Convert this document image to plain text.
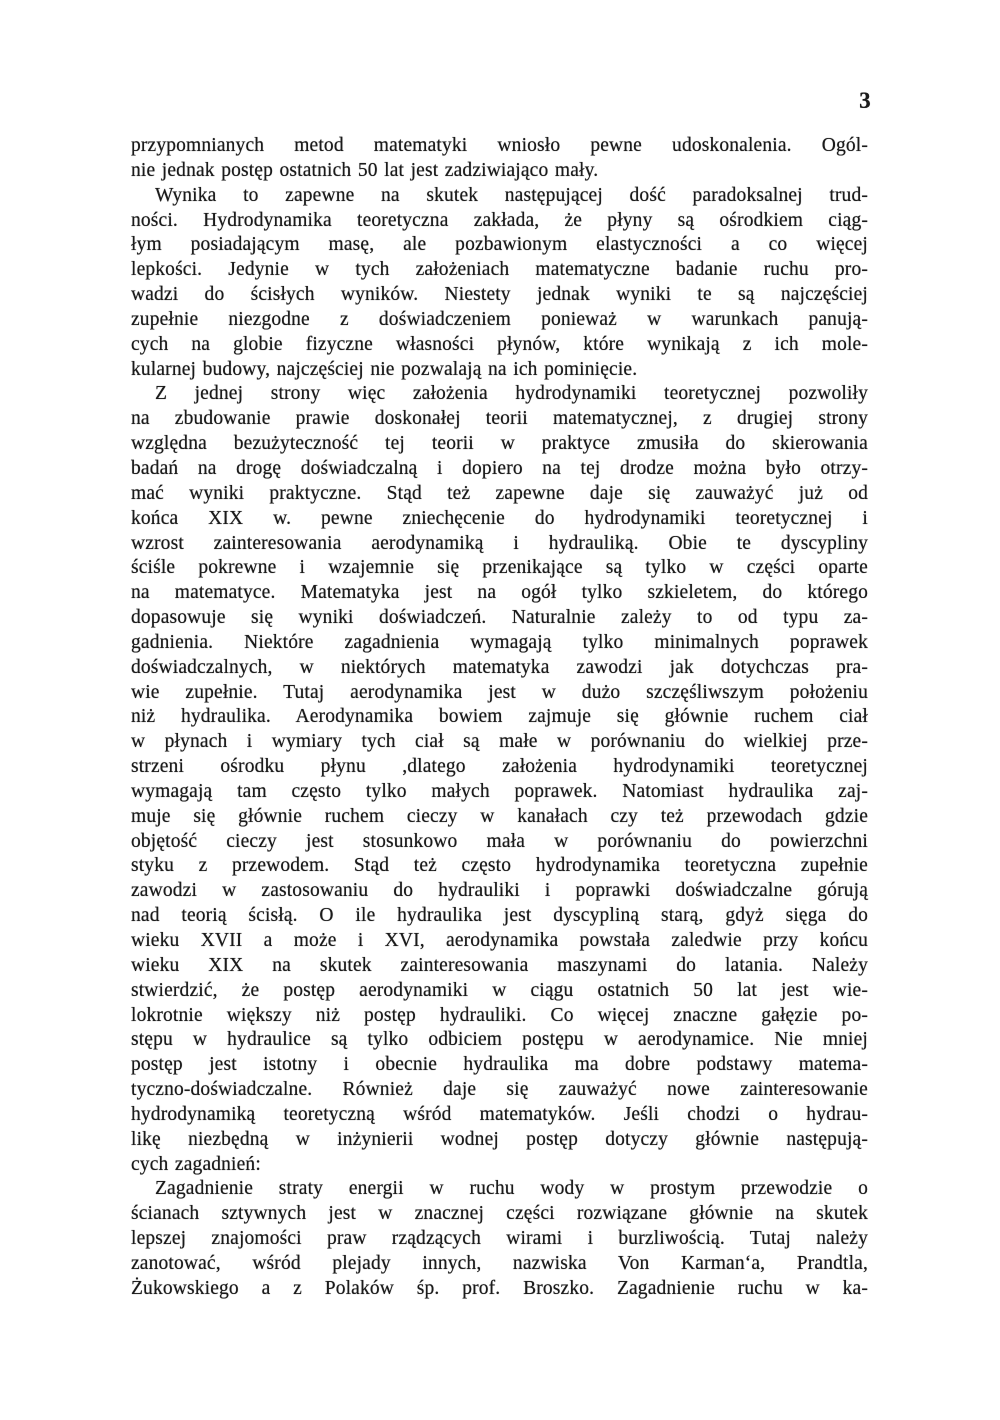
3
przypomnianych metod matematyki wniosło pewne udoskonalenia. Ogól-
nie jednak postęp ostatnich 50 lat jest zadziwiająco mały.
Wynika to zapewne na skutek następującej dość paradoksalnej trud-
ności. Hydrodynamika teoretyczna zakłada, że płyny są ośrodkiem ciąg-
łym posiadającym masę, ale pozbawionym elastyczności a co więcej
lepkości. Jedynie w tych założeniach matematyczne badanie ruchu pro-
wadzi do ścisłych wyników. Niestety jednak wyniki te są najczęściej
zupełnie niezgodne z doświadczeniem ponieważ w warunkach panują-
cych na globie fizyczne własności płynów, które wynikają z ich mole-
kularnej budowy, najczęściej nie pozwalają na ich pominięcie.
Z jednej strony więc założenia hydrodynamiki teoretycznej pozwoliły
na zbudowanie prawie doskonałej teorii matematycznej, z drugiej strony
względna bezużyteczność tej teorii w praktyce zmusiła do skierowania
badań na drogę doświadczalną i dopiero na tej drodze można było otrzy-
mać wyniki praktyczne. Stąd też zapewne daje się zauważyć już od
końca XIX w. pewne zniechęcenie do hydrodynamiki teoretycznej i
wzrost zainteresowania aerodynamiką i hydrauliką. Obie te dyscypliny
ściśle pokrewne i wzajemnie się przenikające są tylko w części oparte
na matematyce. Matematyka jest na ogół tylko szkieletem, do którego
dopasowuje się wyniki doświadczeń. Naturalnie zależy to od typu za-
gadnienia. Niektóre zagadnienia wymagają tylko minimalnych poprawek
doświadczalnych, w niektórych matematyka zawodzi jak dotychczas pra-
wie zupełnie. Tutaj aerodynamika jest w dużo szczęśliwszym położeniu
niż hydraulika. Aerodynamika bowiem zajmuje się głównie ruchem ciał
w płynach i wymiary tych ciał są małe w porównaniu do wielkiej prze-
strzeni ośrodku płynu ,dlatego założenia hydrodynamiki teoretycznej
wymagają tam często tylko małych poprawek. Natomiast hydraulika zaj-
muje się głównie ruchem cieczy w kanałach czy też przewodach gdzie
objętość cieczy jest stosunkowo mała w porównaniu do powierzchni
styku z przewodem. Stąd też często hydrodynamika teoretyczna zupełnie
zawodzi w zastosowaniu do hydrauliki i poprawki doświadczalne górują
nad teorią ścisłą. O ile hydraulika jest dyscypliną starą, gdyż sięga do
wieku XVII a może i XVI, aerodynamika powstała zaledwie przy końcu
wieku XIX na skutek zainteresowania maszynami do latania. Należy
stwierdzić, że postęp aerodynamiki w ciągu ostatnich 50 lat jest wie-
lokrotnie większy niż postęp hydrauliki. Co więcej znaczne gałęzie po-
stępu w hydraulice są tylko odbiciem postępu w aerodynamice. Nie mniej
postęp jest istotny i obecnie hydraulika ma dobre podstawy matema-
tyczno-doświadczalne. Również daje się zauważyć nowe zainteresowanie
hydrodynamiką teoretyczną wśród matematyków. Jeśli chodzi o hydrau-
likę niezbędną w inżynierii wodnej postęp dotyczy głównie następują-
cych zagadnień:
Zagadnienie straty energii w ruchu wody w prostym przewodzie o
ścianach sztywnych jest w znacznej części rozwiązane głównie na skutek
lepszej znajomości praw rządzących wirami i burzliwością. Tutaj należy
zanotować, wśród plejady innych, nazwiska Von Karmanʻa, Prandtla,
Żukowskiego a z Polaków śp. prof. Broszko. Zagadnienie ruchu w ka-
